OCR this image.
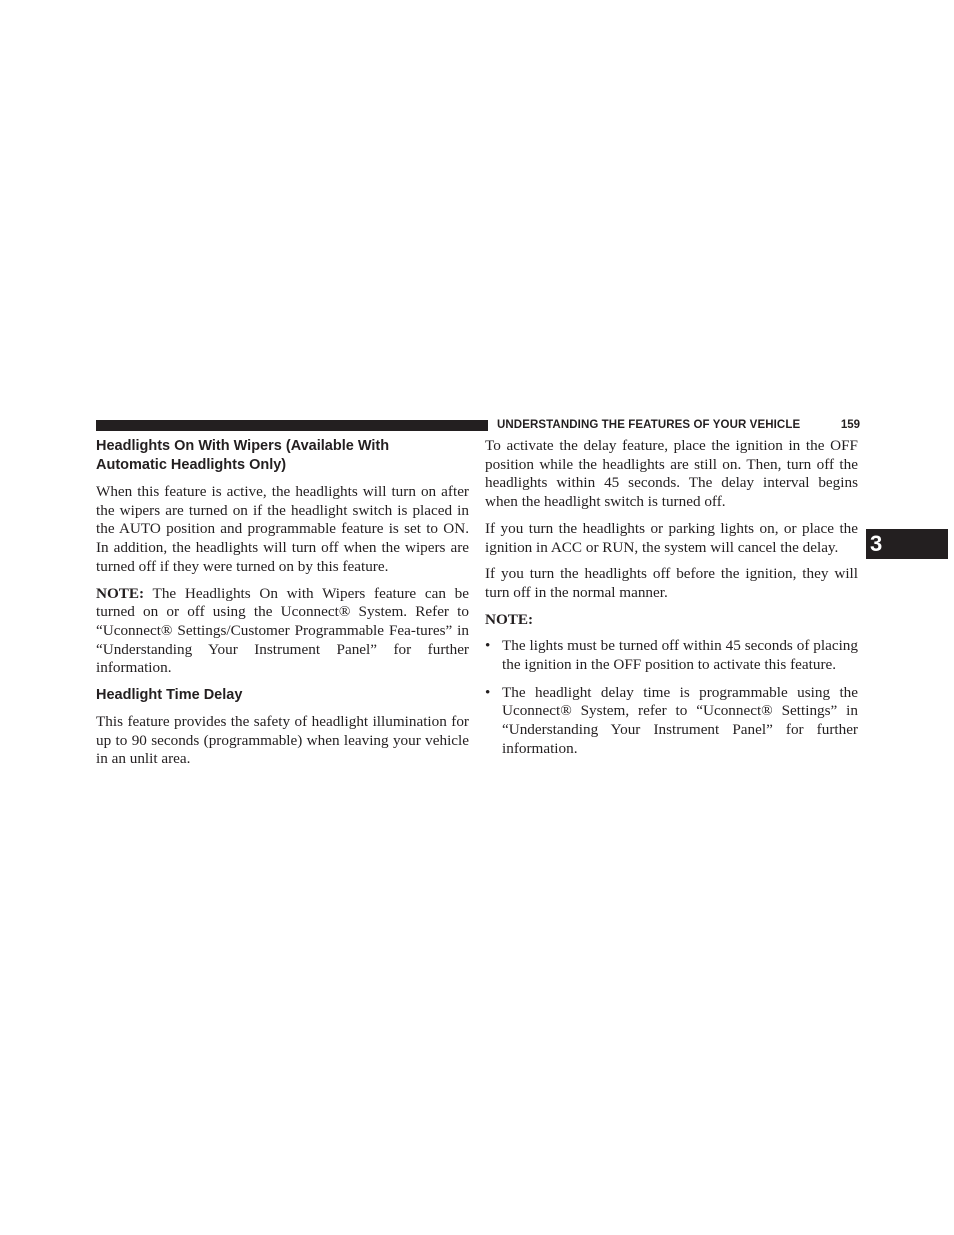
UNDERSTANDING THE FEATURES OF YOUR VEHICLE	159
3
Headlights On With Wipers (Available With
Automatic Headlights Only)

When this feature is active, the headlights will turn on after the wipers are turned on if the headlight switch is placed in the AUTO position and programmable feature is set to ON. In addition, the headlights will turn off when the wipers are turned off if they were turned on by this feature.

NOTE: The Headlights On with Wipers feature can be turned on or off using the Uconnect® System. Refer to “Uconnect® Settings/Customer Programmable Fea-tures” in “Understanding Your Instrument Panel” for further information.

Headlight Time Delay

This feature provides the safety of headlight illumination for up to 90 seconds (programmable) when leaving your vehicle in an unlit area.

To activate the delay feature, place the ignition in the OFF position while the headlights are still on. Then, turn off the headlights within 45 seconds. The delay interval begins when the headlight switch is turned off.

If you turn the headlights or parking lights on, or place the ignition in ACC or RUN, the system will cancel the delay.

If you turn the headlights off before the ignition, they will turn off in the normal manner.

NOTE:

• The lights must be turned off within 45 seconds of placing the ignition in the OFF position to activate this feature.
• The headlight delay time is programmable using the Uconnect® System, refer to “Uconnect® Settings” in “Understanding Your Instrument Panel” for further information.
